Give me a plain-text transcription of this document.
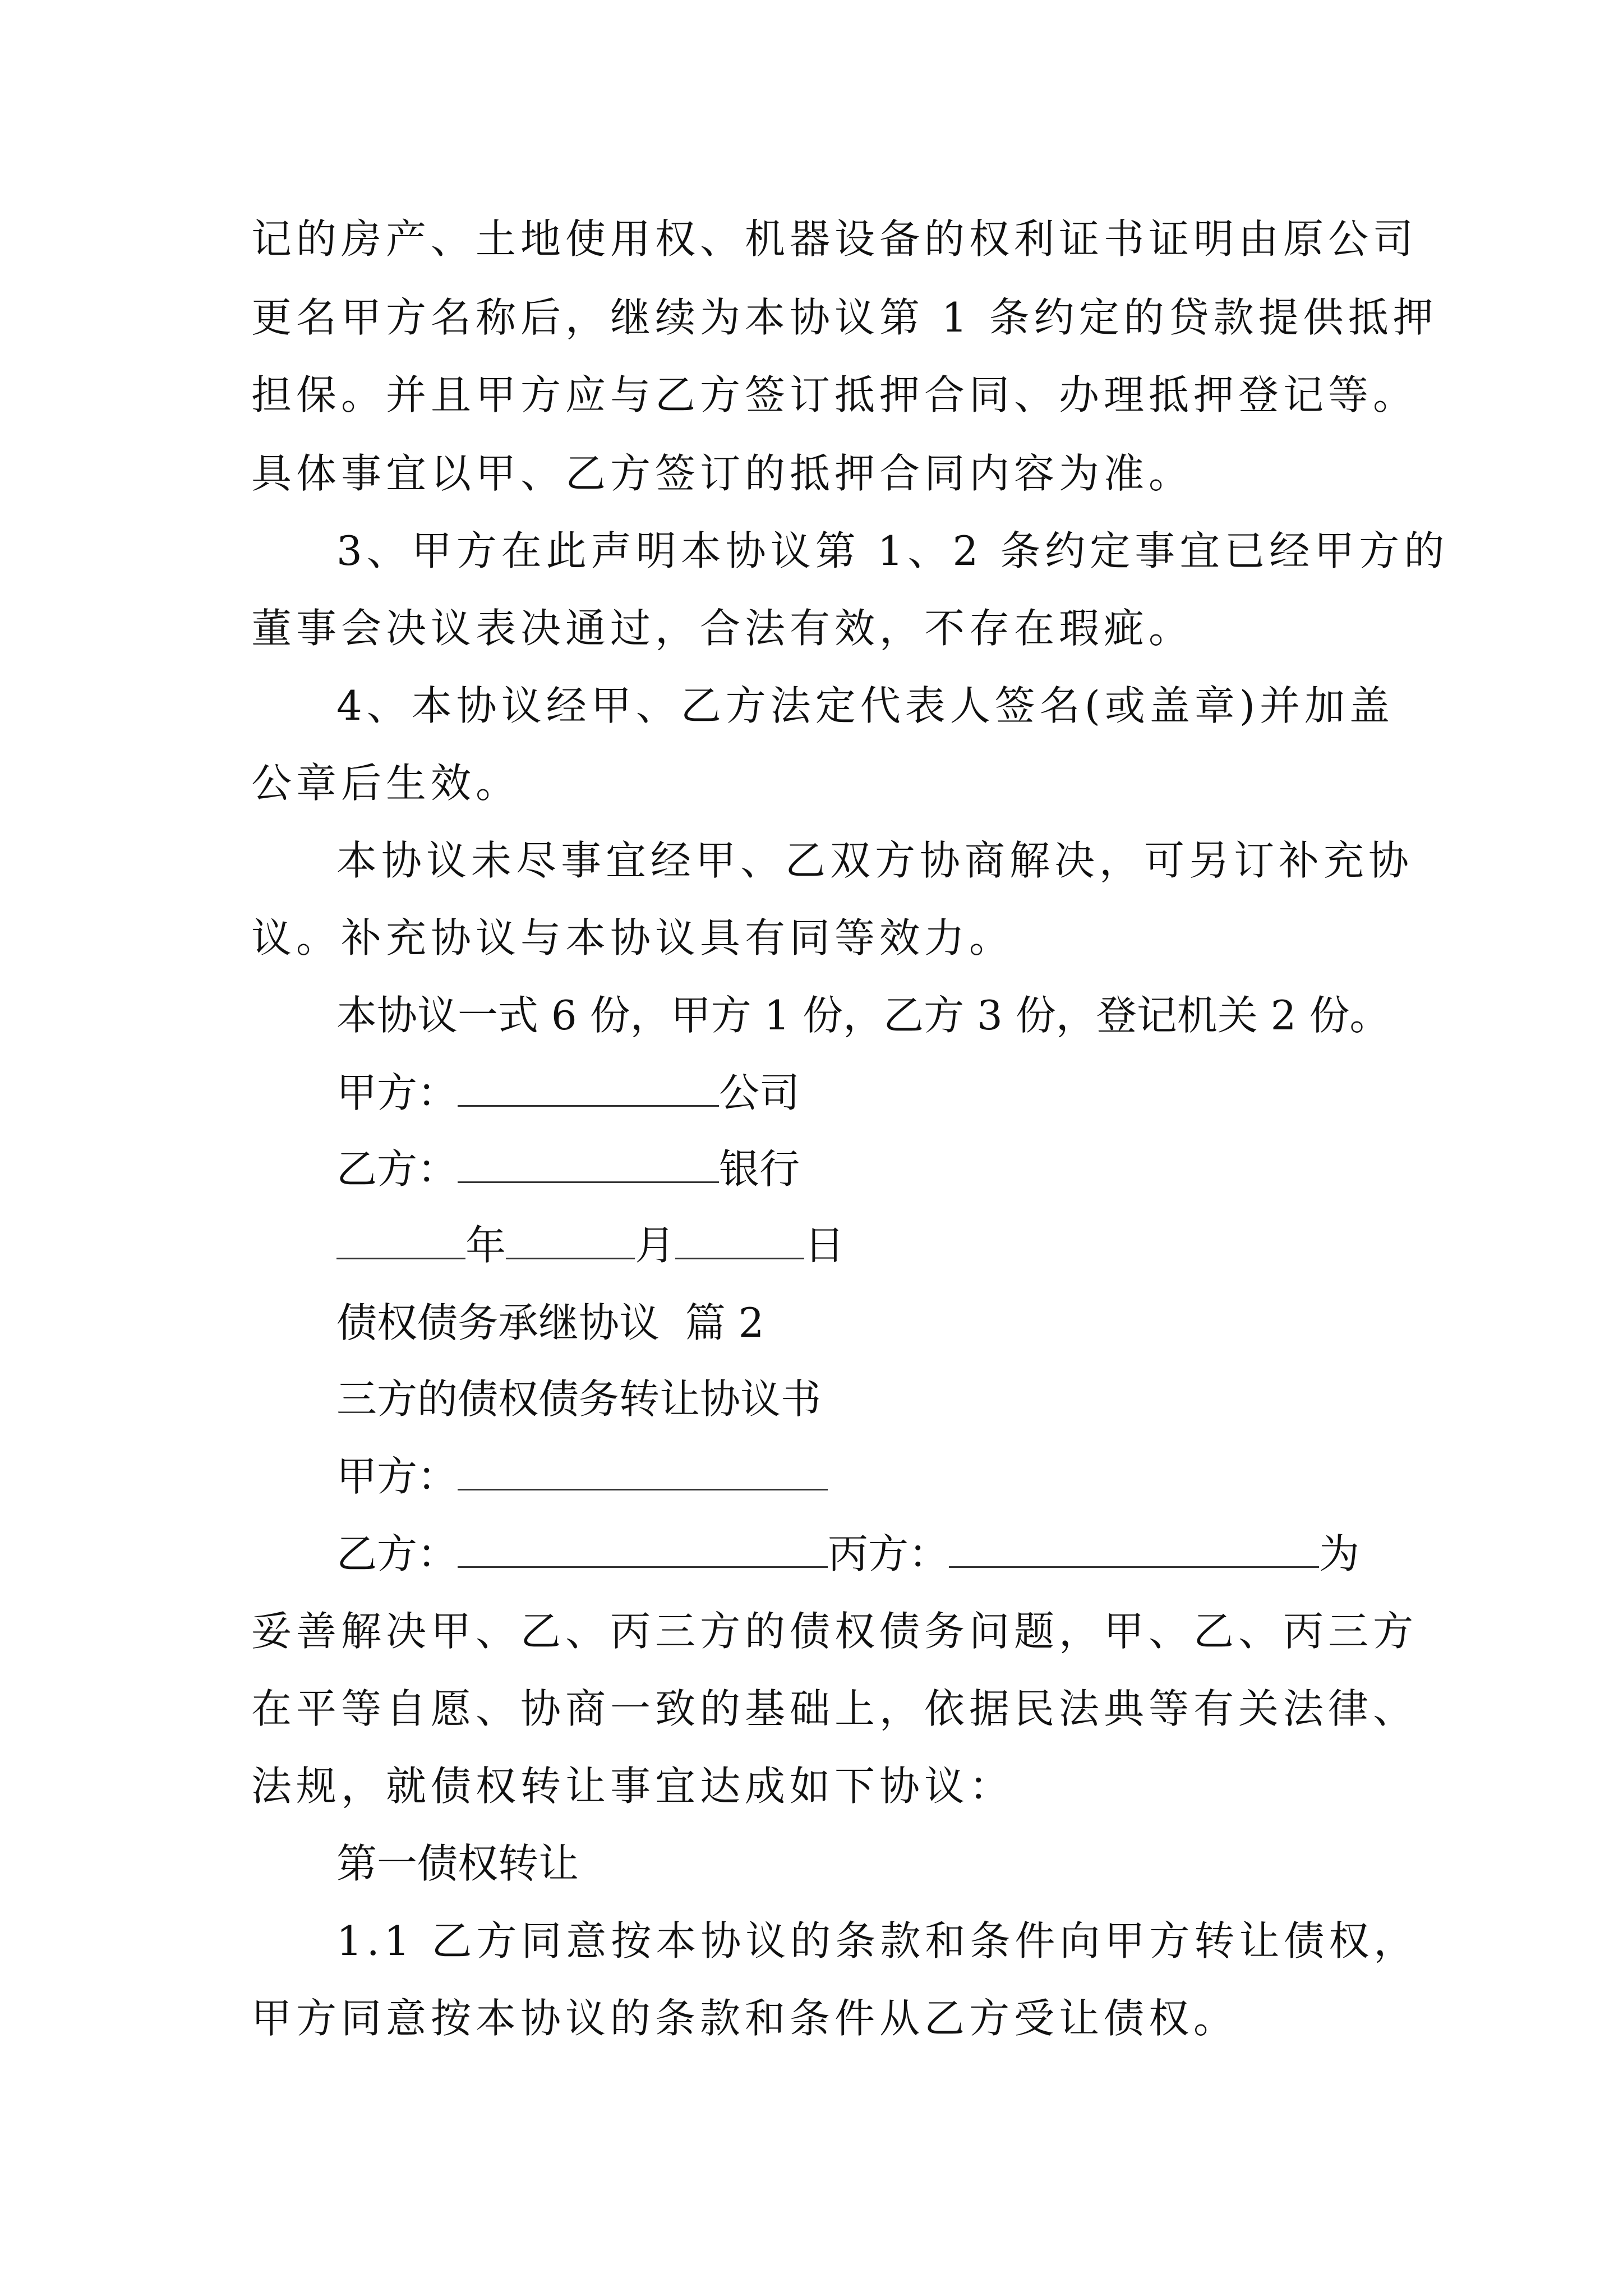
记的房产、土地使用权、机器设备的权利证书证明由原公司

更名甲方名称后，继续为本协议第 1 条约定的贷款提供抵押

担保。并且甲方应与乙方签订抵押合同、办理抵押登记等。

具体事宜以甲、乙方签订的抵押合同内容为准。

3、甲方在此声明本协议第 1、2 条约定事宜已经甲方的

董事会决议表决通过，合法有效，不存在瑕疵。

4、本协议经甲、乙方法定代表人签名(或盖章)并加盖

公章后生效。

本协议未尽事宜经甲、乙双方协商解决，可另订补充协

议。补充协议与本协议具有同等效力。

本协议一式 6 份，甲方 1 份，乙方 3 份，登记机关 2 份。

甲方：	公司
乙方：	银行
年	月	日

债权债务承继协议  篇 2

三方的债权债务转让协议书

甲方：
乙方：	丙方：	为

妥善解决甲、乙、丙三方的债权债务问题，甲、乙、丙三方

在平等自愿、协商一致的基础上，依据民法典等有关法律、

法规，就债权转让事宜达成如下协议：

第一债权转让

1.1 乙方同意按本协议的条款和条件向甲方转让债权，

甲方同意按本协议的条款和条件从乙方受让债权。
